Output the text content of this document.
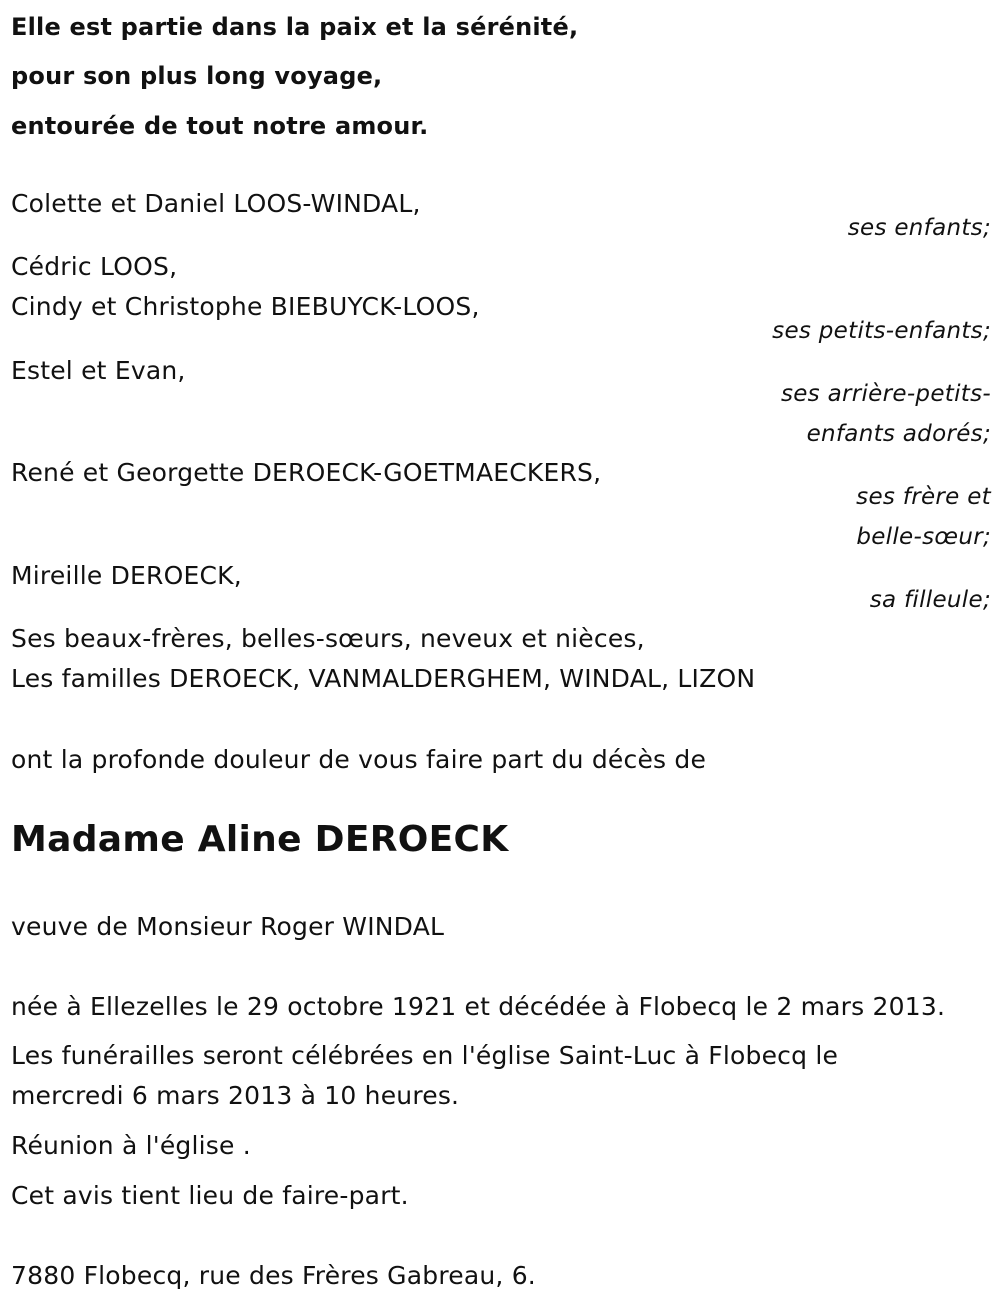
Elle est partie dans la paix et la sérénité,
pour son plus long voyage,
entourée de tout notre amour.
Colette et Daniel LOOS-WINDAL,
ses enfants;
Cédric LOOS,
Cindy et Christophe BIEBUYCK-LOOS,
ses petits-enfants;
Estel et Evan,
ses arrière-petits-
enfants adorés;
René et Georgette DEROECK-GOETMAECKERS,
ses frère et
belle-sœur;
Mireille DEROECK,
sa filleule;
Ses beaux-frères, belles-sœurs, neveux et nièces,
Les familles DEROECK, VANMALDERGHEM, WINDAL, LIZON
ont la profonde douleur de vous faire part du décès de
Madame Aline DEROECK
veuve de Monsieur Roger WINDAL
née à Ellezelles le 29 octobre 1921 et décédée à Flobecq le 2 mars 2013.
Les funérailles seront célébrées en l'église Saint-Luc à Flobecq le
mercredi 6 mars 2013 à 10 heures.
Réunion à l'église .
Cet avis tient lieu de faire-part.
7880 Flobecq, rue des Frères Gabreau, 6.
